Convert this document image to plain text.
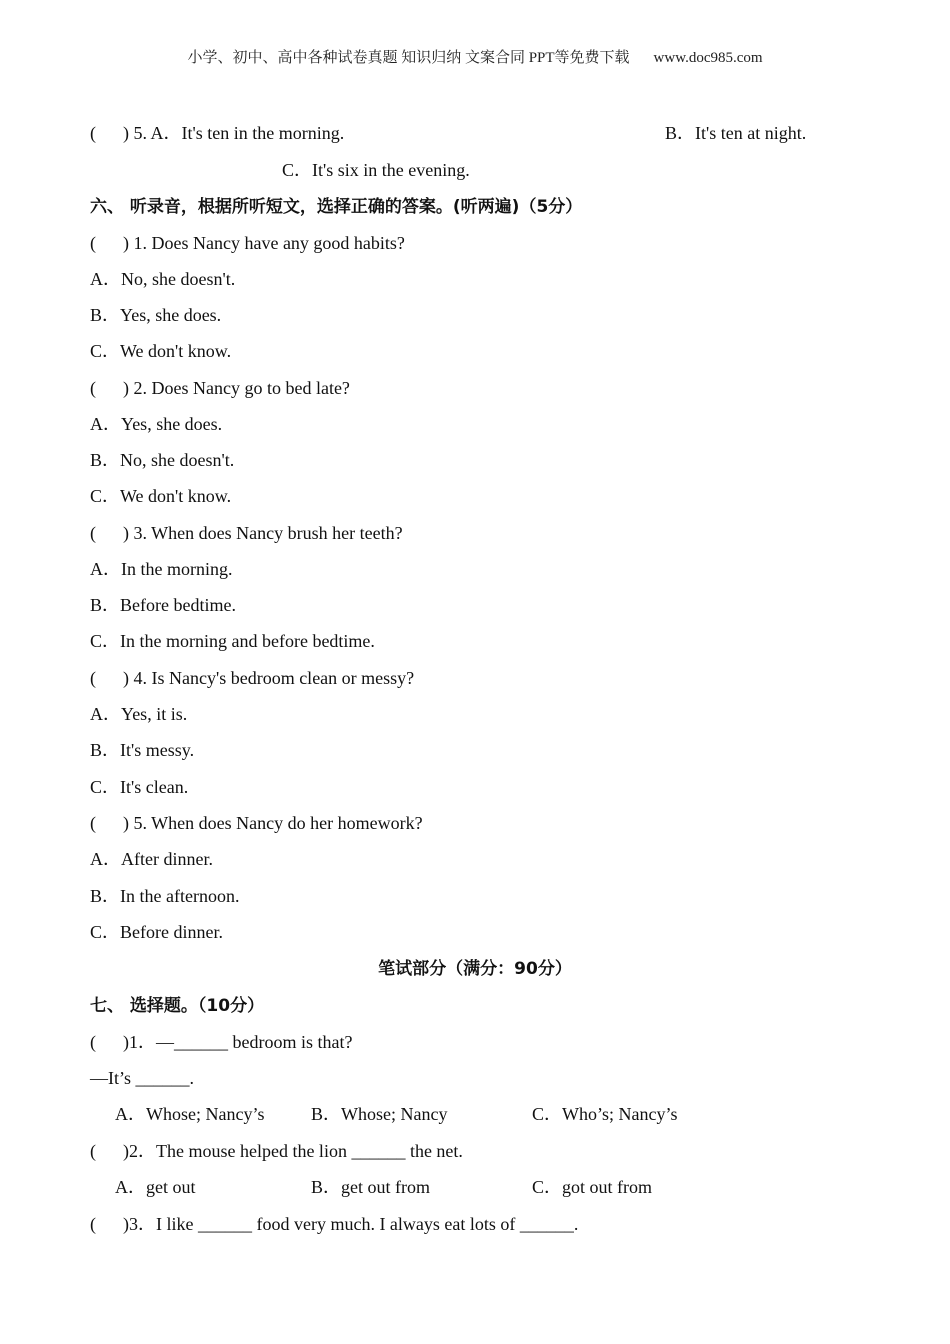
小学、初中、高中各种试卷真题 知识归纳 文案合同 PPT等免费下载 www.doc985.com
(      ) 5. A．It's ten in the morning.	B．It's ten at night.
C．It's six in the evening.
六、 听录音，根据所听短文，选择正确的答案。(听两遍)（5分）
(      ) 1. Does Nancy have any good habits?
A．No, she doesn't.
B．Yes, she does.
C．We don't know.
(      ) 2. Does Nancy go to bed late?
A．Yes, she does.
B．No, she doesn't.
C．We don't know.
(      ) 3. When does Nancy brush her teeth?
A．In the morning.
B．Before bedtime.
C．In the morning and before bedtime.
(      ) 4. Is Nancy's bedroom clean or messy?
A．Yes, it is.
B．It's messy.
C．It's clean.
(      ) 5. When does Nancy do her homework?
A．After dinner.
B．In the afternoon.
C．Before dinner.
笔试部分（满分：90分）
七、 选择题。（10分）
(      )1．—______ bedroom is that?
—It’s ______.
A．Whose; Nancy’s	B．Whose; Nancy	C．Who’s; Nancy’s
(      )2．The mouse helped the lion ______ the net.
A．get out	B．get out from	C．got out from
(      )3．I like ______ food very much. I always eat lots of ______.
